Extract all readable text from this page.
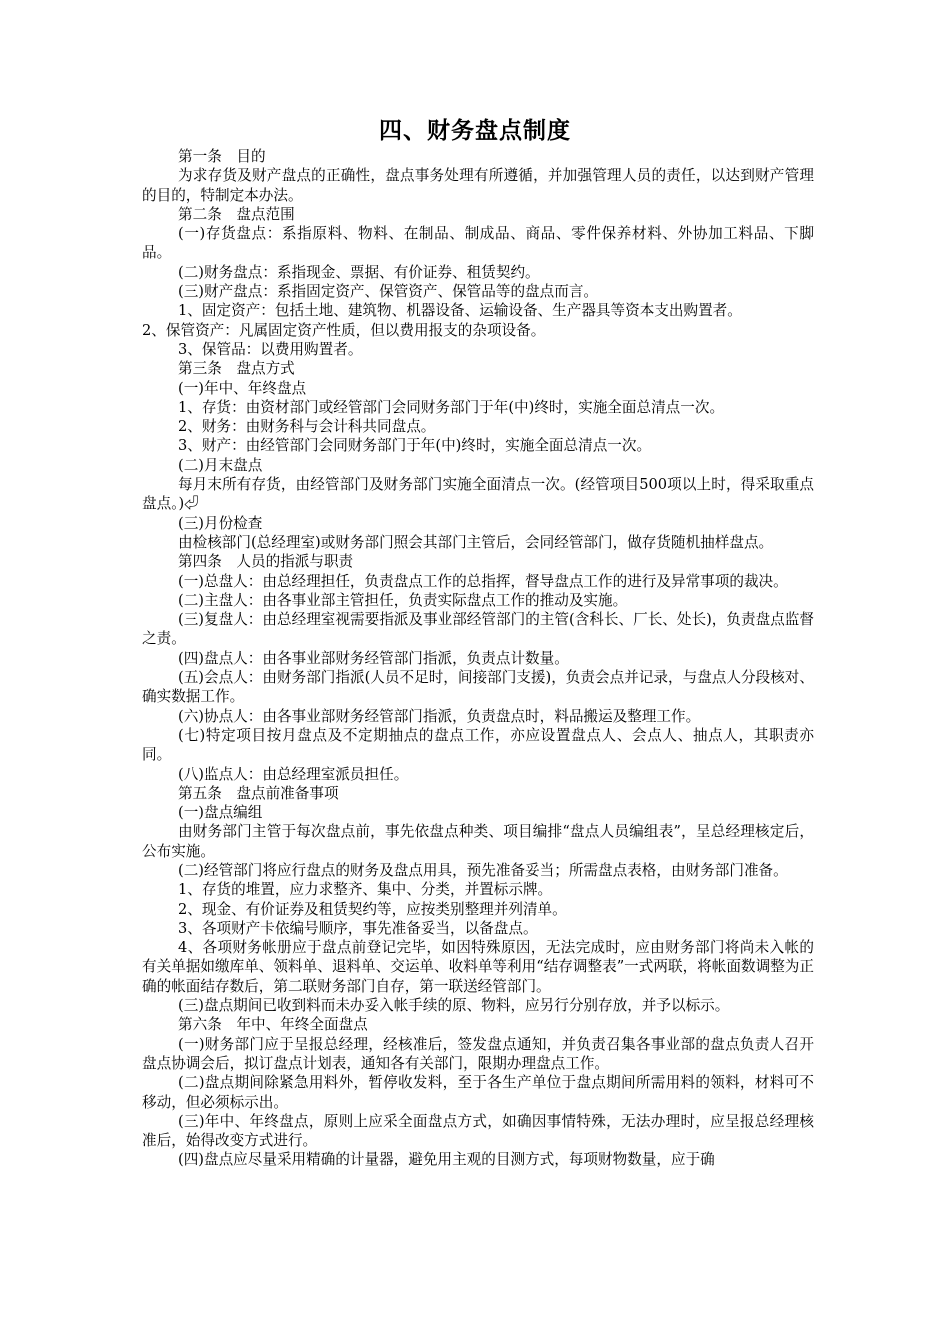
四、财务盘点制度

第一条　目的

为求存货及财产盘点的正确性，盘点事务处理有所遵循，并加强管理人员的责任，以达到财产管理的目的，特制定本办法。

第二条　盘点范围

(一)存货盘点：系指原料、物料、在制品、制成品、商品、零件保养材料、外协加工料品、下脚品。

(二)财务盘点：系指现金、票据、有价证券、租赁契约。

(三)财产盘点：系指固定资产、保管资产、保管品等的盘点而言。

1、固定资产：包括土地、建筑物、机器设备、运输设备、生产器具等资本支出购置者。

2、保管资产：凡属固定资产性质，但以费用报支的杂项设备。

3、保管品：以费用购置者。

第三条　盘点方式

(一)年中、年终盘点

1、存货：由资材部门或经管部门会同财务部门于年(中)终时，实施全面总清点一次。

2、财务：由财务科与会计科共同盘点。

3、财产：由经管部门会同财务部门于年(中)终时，实施全面总清点一次。

(二)月末盘点

每月末所有存货，由经管部门及财务部门实施全面清点一次。(经管项目500项以上时，得采取重点盘点。)⏎

(三)月份检查

由检核部门(总经理室)或财务部门照会其部门主管后，会同经管部门，做存货随机抽样盘点。

第四条　人员的指派与职责

(一)总盘人：由总经理担任，负责盘点工作的总指挥，督导盘点工作的进行及异常事项的裁决。

(二)主盘人：由各事业部主管担任，负责实际盘点工作的推动及实施。

(三)复盘人：由总经理室视需要指派及事业部经管部门的主管(含科长、厂长、处长)，负责盘点监督之责。

(四)盘点人：由各事业部财务经管部门指派，负责点计数量。

(五)会点人：由财务部门指派(人员不足时，间接部门支援)，负责会点并记录，与盘点人分段核对、确实数据工作。

(六)协点人：由各事业部财务经管部门指派，负责盘点时，料品搬运及整理工作。

(七)特定项目按月盘点及不定期抽点的盘点工作，亦应设置盘点人、会点人、抽点人，其职责亦同。

(八)监点人：由总经理室派员担任。

第五条　盘点前准备事项

(一)盘点编组

由财务部门主管于每次盘点前，事先依盘点种类、项目编排“盘点人员编组表”，呈总经理核定后，公布实施。

(二)经管部门将应行盘点的财务及盘点用具，预先准备妥当；所需盘点表格，由财务部门准备。

1、存货的堆置，应力求整齐、集中、分类，并置标示牌。

2、现金、有价证券及租赁契约等，应按类别整理并列清单。

3、各项财产卡依编号顺序，事先准备妥当，以备盘点。

4、各项财务帐册应于盘点前登记完毕，如因特殊原因，无法完成时，应由财务部门将尚未入帐的有关单据如缴库单、领料单、退料单、交运单、收料单等利用“结存调整表”一式两联，将帐面数调整为正确的帐面结存数后，第二联财务部门自存，第一联送经管部门。

(三)盘点期间已收到料而未办妥入帐手续的原、物料，应另行分别存放，并予以标示。

第六条　年中、年终全面盘点

(一)财务部门应于呈报总经理，经核准后，签发盘点通知，并负责召集各事业部的盘点负责人召开盘点协调会后，拟订盘点计划表，通知各有关部门，限期办理盘点工作。

(二)盘点期间除紧急用料外，暂停收发料，至于各生产单位于盘点期间所需用料的领料，材料可不移动，但必须标示出。

(三)年中、年终盘点，原则上应采全面盘点方式，如确因事情特殊，无法办理时，应呈报总经理核准后，始得改变方式进行。

(四)盘点应尽量采用精确的计量器，避免用主观的目测方式，每项财物数量，应于确
